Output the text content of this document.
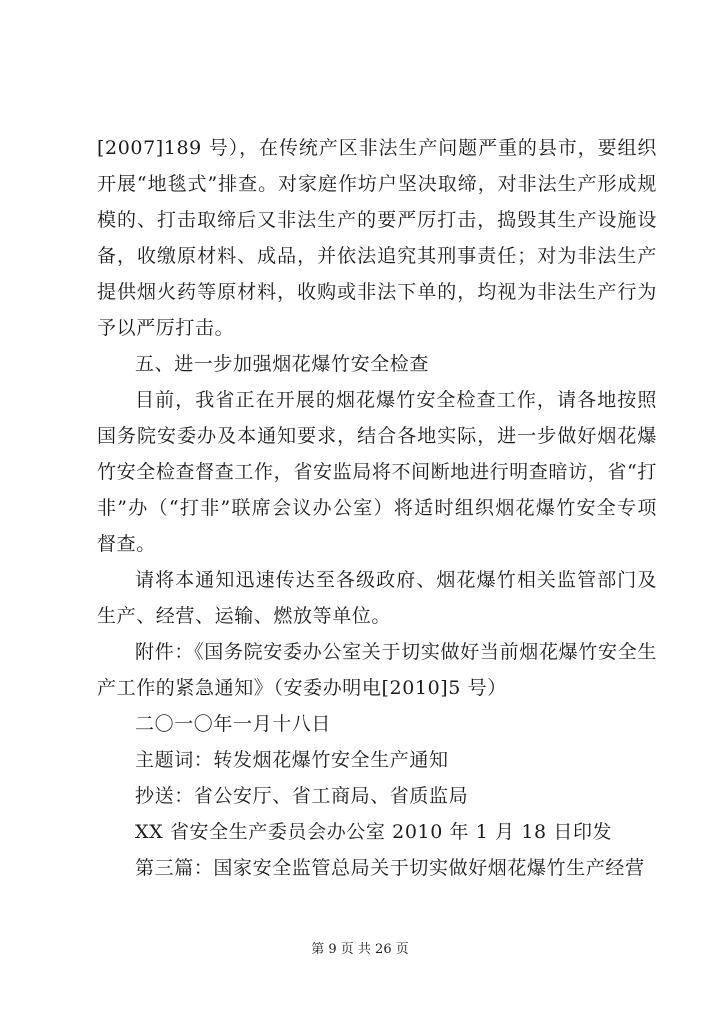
[2007]189 号），在传统产区非法生产问题严重的县市，要组织开展“地毯式”排查。对家庭作坊户坚决取缔，对非法生产形成规模的、打击取缔后又非法生产的要严厉打击，捣毁其生产设施设备，收缴原材料、成品，并依法追究其刑事责任；对为非法生产提供烟火药等原材料，收购或非法下单的，均视为非法生产行为予以严厉打击。

五、进一步加强烟花爆竹安全检查

目前，我省正在开展的烟花爆竹安全检查工作，请各地按照国务院安委办及本通知要求，结合各地实际，进一步做好烟花爆竹安全检查督查工作，省安监局将不间断地进行明查暗访，省“打非”办（“打非”联席会议办公室）将适时组织烟花爆竹安全专项督查。

请将本通知迅速传达至各级政府、烟花爆竹相关监管部门及生产、经营、运输、燃放等单位。

附件：《国务院安委办公室关于切实做好当前烟花爆竹安全生产工作的紧急通知》（安委办明电[2010]5 号）

二〇一〇年一月十八日

主题词：转发烟花爆竹安全生产通知

抄送：省公安厅、省工商局、省质监局

XX 省安全生产委员会办公室 2010 年 1 月 18 日印发

第三篇：国家安全监管总局关于切实做好烟花爆竹生产经营

第 9 页 共 26 页
